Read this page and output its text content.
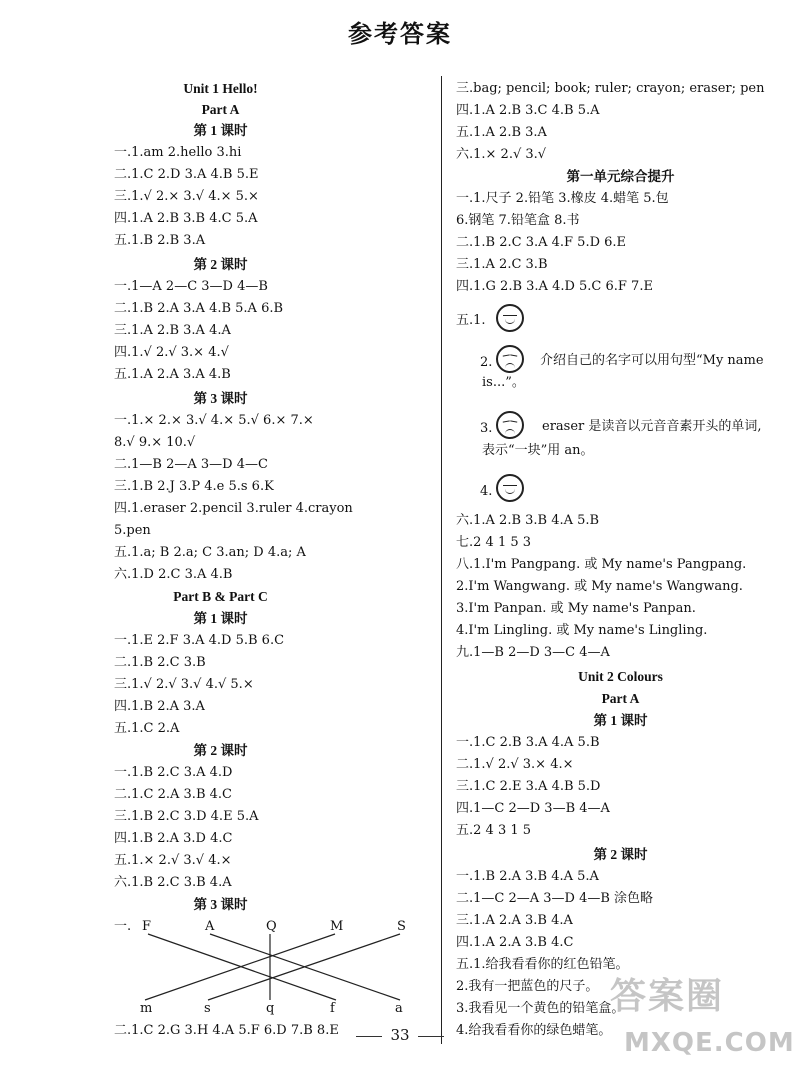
参考答案
Unit 1 Hello!
Part A
第 1 课时
一.1.am 2.hello 3.hi
二.1.C 2.D 3.A 4.B 5.E
三.1.√ 2.× 3.√ 4.× 5.×
四.1.A 2.B 3.B 4.C 5.A
五.1.B 2.B 3.A
第 2 课时
一.1—A 2—C 3—D 4—B
二.1.B 2.A 3.A 4.B 5.A 6.B
三.1.A 2.B 3.A 4.A
四.1.√ 2.√ 3.× 4.√
五.1.A 2.A 3.A 4.B
第 3 课时
一.1.× 2.× 3.√ 4.× 5.√ 6.× 7.×
8.√ 9.× 10.√
二.1—B 2—A 3—D 4—C
三.1.B 2.J 3.P 4.e 5.s 6.K
四.1.eraser 2.pencil 3.ruler 4.crayon
5.pen
五.1.a; B 2.a; C 3.an; D 4.a; A
六.1.D 2.C 3.A 4.B
Part B & Part C
第 1 课时
一.1.E 2.F 3.A 4.D 5.B 6.C
二.1.B 2.C 3.B
三.1.√ 2.√ 3.√ 4.√ 5.×
四.1.B 2.A 3.A
五.1.C 2.A
第 2 课时
一.1.B 2.C 3.A 4.D
二.1.C 2.A 3.B 4.C
三.1.B 2.C 3.D 4.E 5.A
四.1.B 2.A 3.D 4.C
五.1.× 2.√ 3.√ 4.×
六.1.B 2.C 3.B 4.A
第 3 课时
一. F	A	Q	M	S
m	s	q	f	a
二.1.C 2.G 3.H 4.A 5.F 6.D 7.B 8.E
三.bag; pencil; book; ruler; crayon; eraser; pen
四.1.A 2.B 3.C 4.B 5.A
五.1.A 2.B 3.A
六.1.× 2.√ 3.√
第一单元综合提升
一.1.尺子 2.铅笔 3.橡皮 4.蜡笔 5.包
6.钢笔 7.铅笔盒 8.书
二.1.B 2.C 3.A 4.F 5.D 6.E
三.1.A 2.C 3.B
四.1.G 2.B 3.A 4.D 5.C 6.F 7.E
五.1.
2.	介绍自己的名字可以用句型“My name
is...”。
3.	eraser 是读音以元音音素开头的单词,
表示“一块”用 an。
4.
六.1.A 2.B 3.B 4.A 5.B
七.2 4 1 5 3
八.1.I'm Pangpang. 或 My name's Pangpang.
2.I'm Wangwang. 或 My name's Wangwang.
3.I'm Panpan. 或 My name's Panpan.
4.I'm Lingling. 或 My name's Lingling.
九.1—B 2—D 3—C 4—A
Unit 2 Colours
Part A
第 1 课时
一.1.C 2.B 3.A 4.A 5.B
二.1.√ 2.√ 3.× 4.×
三.1.C 2.E 3.A 4.B 5.D
四.1—C 2—D 3—B 4—A
五.2 4 3 1 5
第 2 课时
一.1.B 2.A 3.B 4.A 5.A
二.1—C 2—A 3—D 4—B 涂色略
三.1.A 2.A 3.B 4.A
四.1.A 2.A 3.B 4.C
五.1.给我看看你的红色铅笔。
2.我有一把蓝色的尺子。
3.我看见一个黄色的铅笔盒。
4.给我看看你的绿色蜡笔。
答案圈
MXQE.COM
33
